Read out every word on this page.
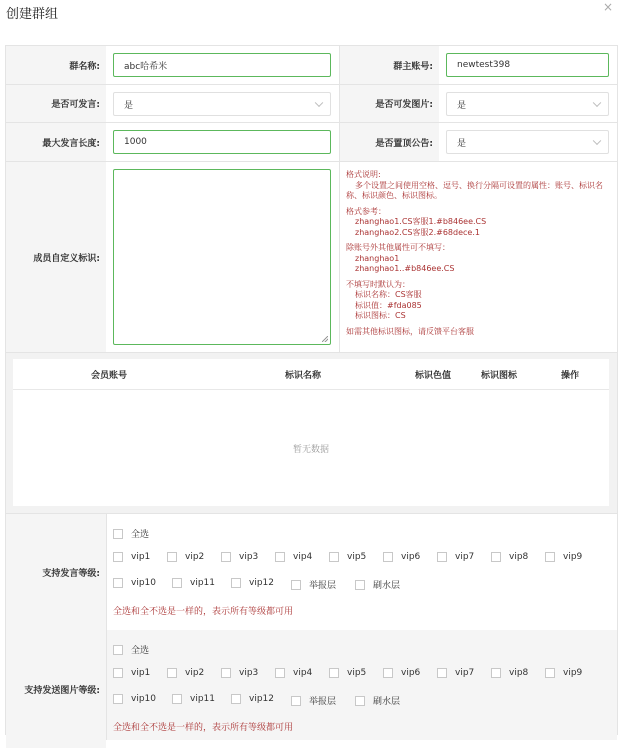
创建群组	×
群名称:	abc哈希米	群主账号:	newtest398
是否可发言:	是	是否可发图片:	是
最大发言长度:	1000	是否置顶公告:	是
成员自定义标识:

格式说明:
多个设置之间使用空格、逗号、换行分隔可设置的属性：账号、标识名称、标识颜色、标识图标。

格式参考：
zhanghao1.CS客服1.#b846ee.CS
zhanghao2.CS客服2.#68dece.1

除账号外其他属性可不填写：
zhanghao1
zhanghao1..#b846ee.CS

不填写时默认为：
标识名称：CS客服
标识值：#fda085
标识图标：CS

如需其他标识图标，请反馈平台客服

会员账号	标识名称	标识色值	标识图标	操作
暂无数据
支持发言等级:
全选
vip1	vip2	vip3	vip4	vip5	vip6	vip7	vip8	vip9
vip10	vip11	vip12	举报层	刷水层
全选和全不选是一样的，表示所有等级都可用
支持发送图片等级:
全选
vip1	vip2	vip3	vip4	vip5	vip6	vip7	vip8	vip9
vip10	vip11	vip12	举报层	刷水层
全选和全不选是一样的，表示所有等级都可用
